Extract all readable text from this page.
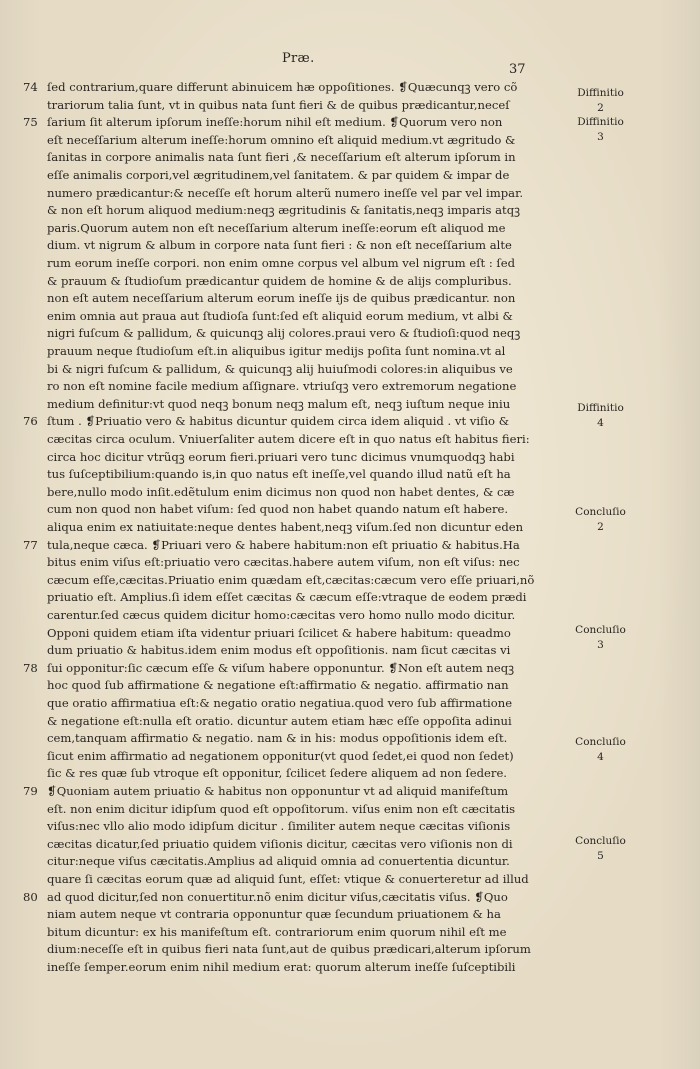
Præ.
37
ſed contrarium,quare differunt abinuicem hæ oppoſitiones. ❡Quæcunqꝫ vero cõ
trariorum talia ſunt, vt in quibus nata ſunt fieri & de quibus prædicantur,neceſ
ſarium ſit alterum ipſorum ineſſe:horum nihil eſt medium. ❡Quorum vero non
eſt neceſſarium alterum ineſſe:horum omnino eſt aliquid medium.vt ægritudo &
ſanitas in corpore animalis nata ſunt fieri ,& neceſſarium eſt alterum ipſorum in
eſſe animalis corpori,vel ægritudinem,vel ſanitatem. & par quidem & impar de
numero prædicantur:& neceſſe eſt horum alterũ numero ineſſe vel par vel impar.
& non eſt horum aliquod medium:neqꝫ ægritudinis & ſanitatis,neqꝫ imparis atqꝫ
paris.Quorum autem non eſt neceſſarium alterum ineſſe:eorum eſt aliquod me
dium. vt nigrum & album in corpore nata ſunt fieri : & non eſt neceſſarium alte
rum eorum ineſſe corpori. non enim omne corpus vel album vel nigrum eſt : ſed
& prauum & ſtudioſum prædicantur quidem de homine & de alijs compluribus.
non eſt autem neceſſarium alterum eorum ineſſe ijs de quibus prædicantur. non
enim omnia aut praua aut ſtudioſa ſunt:ſed eſt aliquid eorum medium, vt albi &
nigri fuſcum & pallidum, & quicunqꝫ alij colores.praui vero & ſtudioſi:quod neqꝫ
prauum neque ſtudioſum eſt.in aliquibus igitur medijs poſita ſunt nomina.vt al
bi & nigri fuſcum & pallidum, & quicunqꝫ alij huiuſmodi colores:in aliquibus ve
ro non eſt nomine facile medium aſſignare. vtriuſqꝫ vero extremorum negatione
medium definitur:vt quod neqꝫ bonum neqꝫ malum eſt, neqꝫ iuſtum neque iniu
ſtum . ❡Priuatio vero & habitus dicuntur quidem circa idem aliquid . vt viſio &
cæcitas circa oculum. Vniuerſaliter autem dicere eſt in quo natus eſt habitus fieri:
circa hoc dicitur vtrũqꝫ eorum fieri.priuari vero tunc dicimus vnumquodqꝫ habi
tus ſuſceptibilium:quando is,in quo natus eſt ineſſe,vel quando illud natũ eſt ha
bere,nullo modo inſit.edẽtulum enim dicimus non quod non habet dentes, & cæ
cum non quod non habet viſum: ſed quod non habet quando natum eſt habere.
aliqua enim ex natiuitate:neque dentes habent,neqꝫ viſum.ſed non dicuntur eden
tula,neque cæca. ❡Priuari vero & habere habitum:non eſt priuatio & habitus.Ha
bitus enim viſus eſt:priuatio vero cæcitas.habere autem viſum, non eſt viſus: nec
cæcum eſſe,cæcitas.Priuatio enim quædam eſt,cæcitas:cæcum vero eſſe priuari,nõ
priuatio eſt. Amplius.ſi idem eſſet cæcitas & cæcum eſſe:vtraque de eodem prædi
carentur.ſed cæcus quidem dicitur homo:cæcitas vero homo nullo modo dicitur.
Opponi quidem etiam iſta videntur priuari ſcilicet & habere habitum: queadmo
dum priuatio & habitus.idem enim modus eſt oppoſitionis. nam ſicut cæcitas vi
ſui opponitur:ſic cæcum eſſe & viſum habere opponuntur. ❡Non eſt autem neqꝫ
hoc quod ſub affirmatione & negatione eſt:affirmatio & negatio. affirmatio nan
que oratio affirmatiua eſt:& negatio oratio negatiua.quod vero ſub affirmatione
& negatione eſt:nulla eſt oratio. dicuntur autem etiam hæc eſſe oppoſita adinui
cem,tanquam affirmatio & negatio. nam & in his: modus oppoſitionis idem eſt.
ſicut enim affirmatio ad negationem opponitur(vt quod ſedet,ei quod non ſedet)
ſic & res quæ ſub vtroque eſt opponitur, ſcilicet ſedere aliquem ad non ſedere.
❡Quoniam autem priuatio & habitus non opponuntur vt ad aliquid manifeſtum
eſt. non enim dicitur idipſum quod eſt oppoſitorum. viſus enim non eſt cæcitatis
viſus:nec vllo alio modo idipſum dicitur . ſimiliter autem neque cæcitas viſionis
cæcitas dicatur,ſed priuatio quidem viſionis dicitur, cæcitas vero viſionis non di
citur:neque viſus cæcitatis.Amplius ad aliquid omnia ad conuertentia dicuntur.
quare ſi cæcitas eorum quæ ad aliquid ſunt, eſſet: vtique & conuerteretur ad illud
ad quod dicitur,ſed non conuertitur.nõ enim dicitur viſus,cæcitatis viſus. ❡Quo
niam autem neque vt contraria opponuntur quæ ſecundum priuationem & ha
bitum dicuntur: ex his manifeſtum eſt. contrariorum enim quorum nihil eſt me
dium:neceſſe eſt in quibus fieri nata ſunt,aut de quibus prædicari,alterum ipſorum
ineſſe ſemper.eorum enim nihil medium erat: quorum alterum ineſſe ſuſceptibili
74
75
76
77
78
79
80
Diffinitio
2
Diffinitio
3
Diffinitio
4
Concluſio
2
Concluſio
3
Concluſio
4
Concluſio
5
